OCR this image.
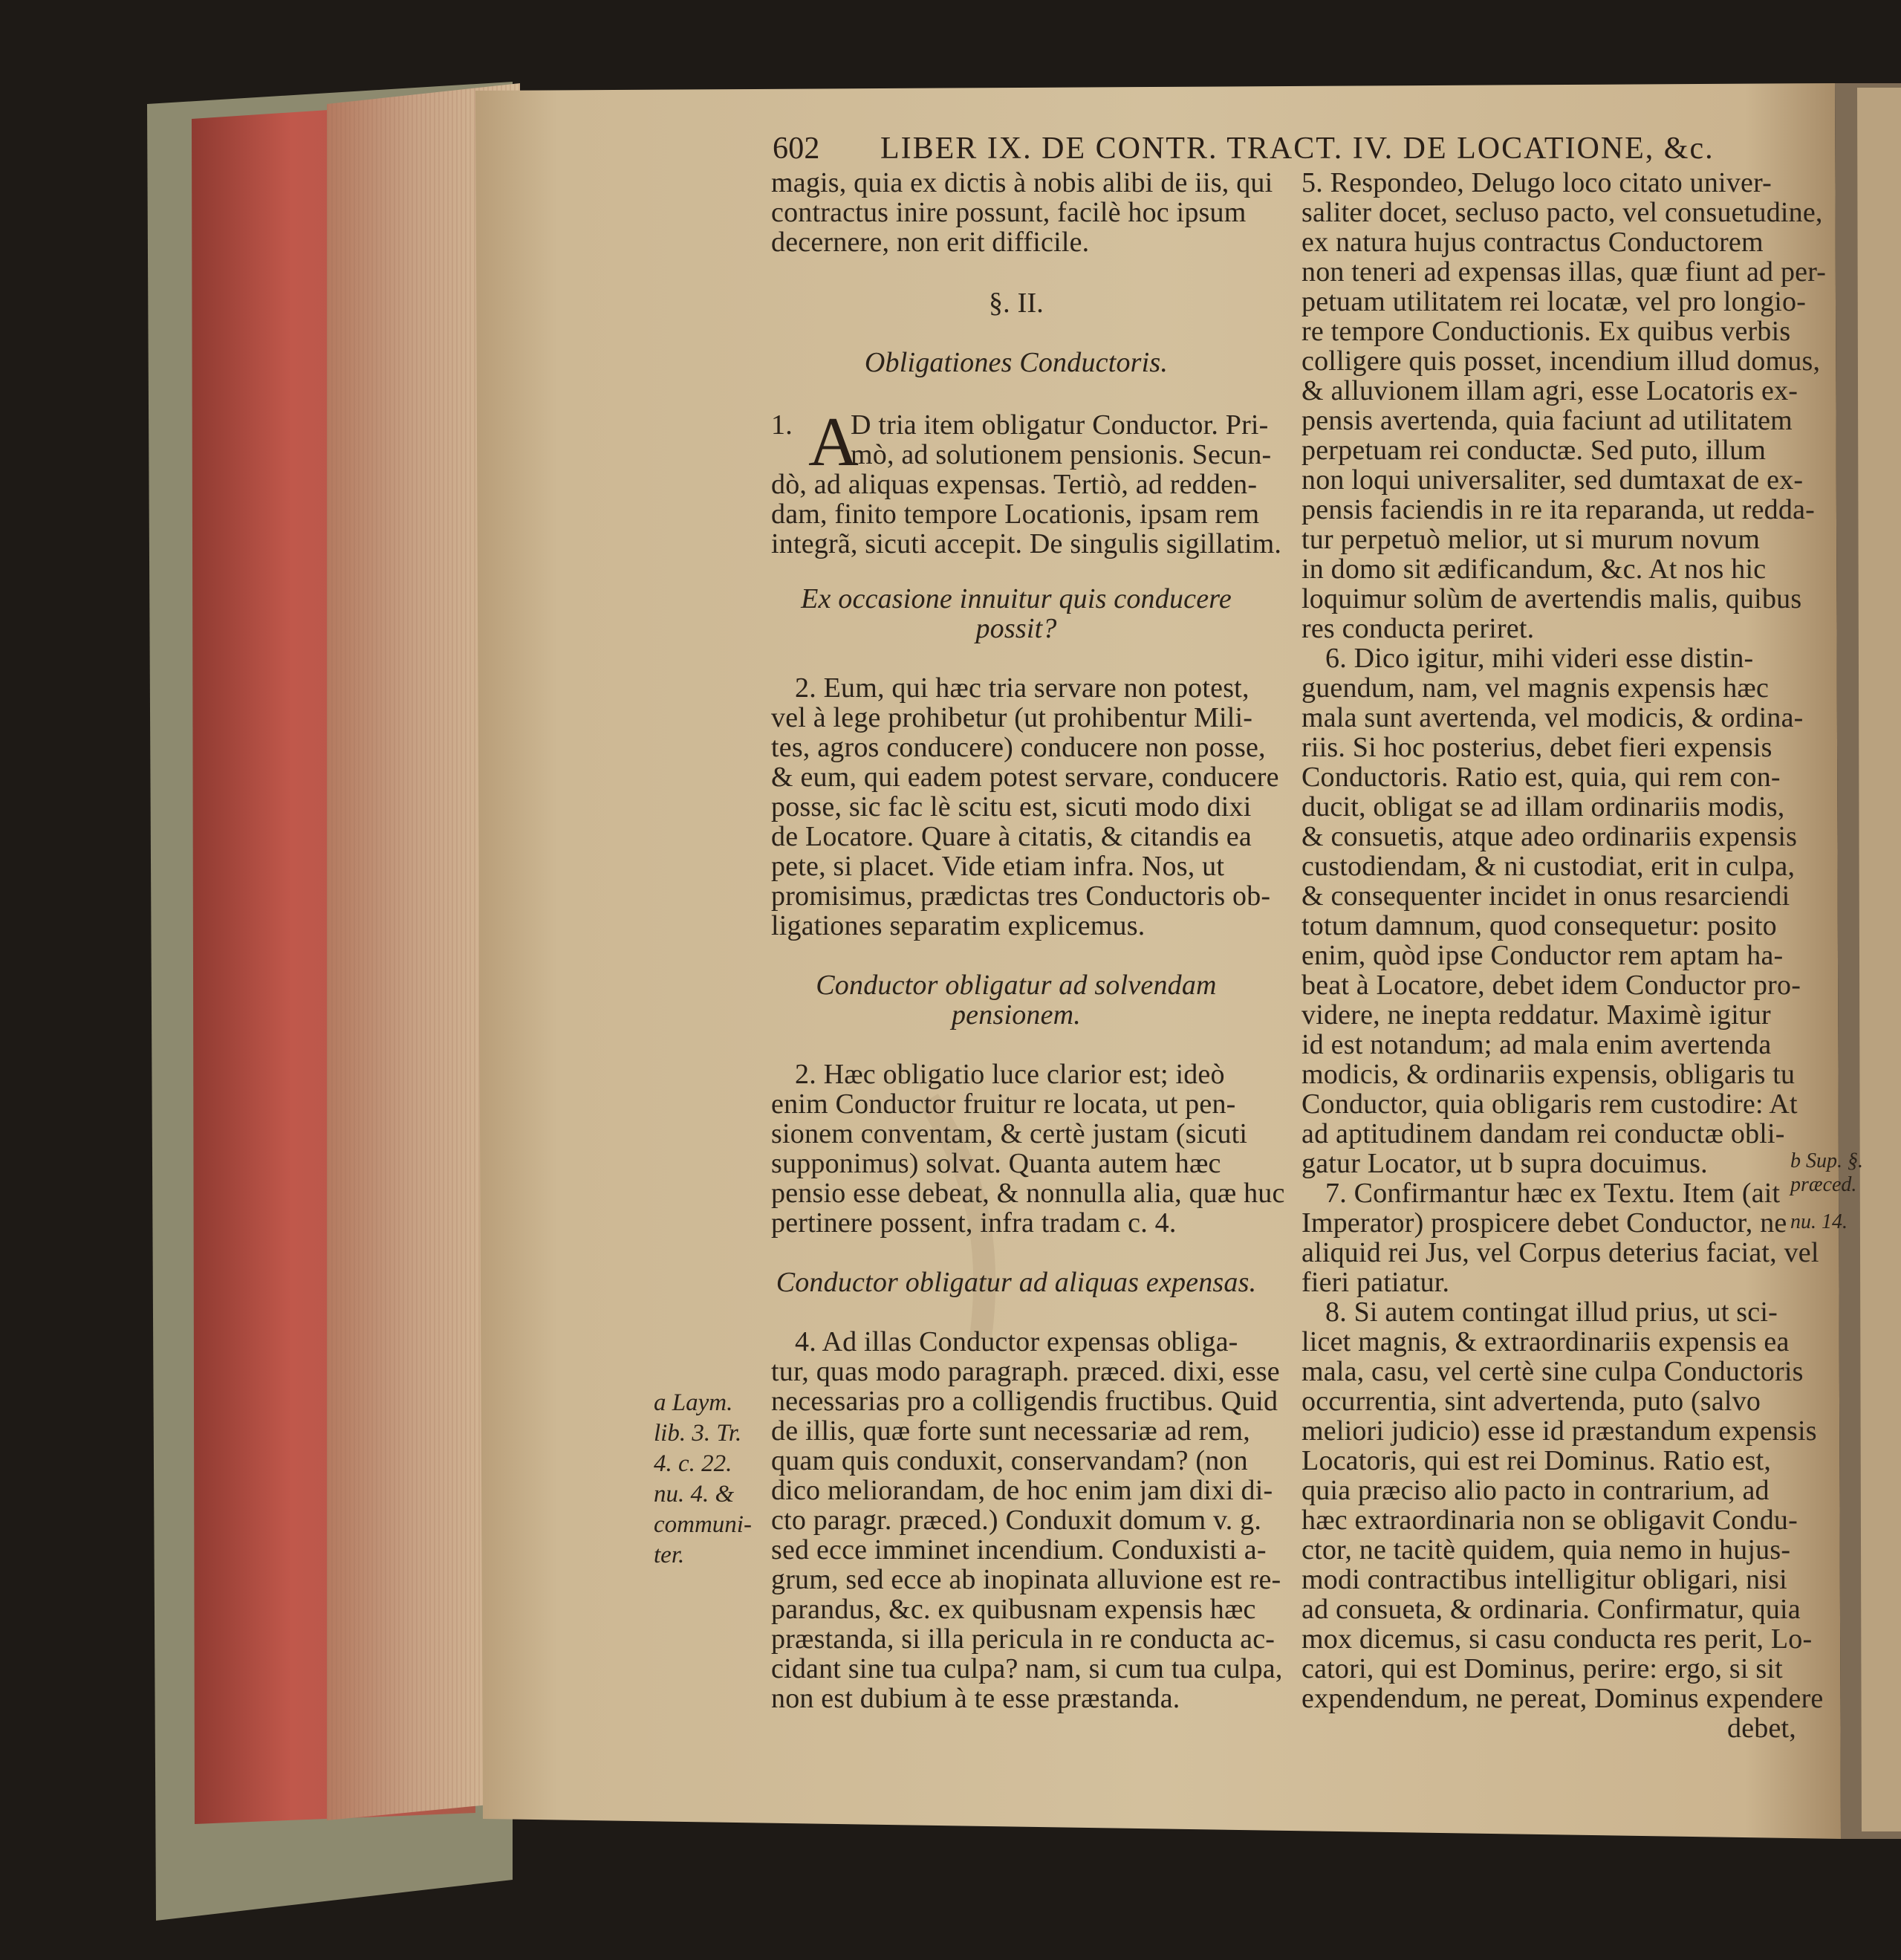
602 LIBER IX. DE CONTR. TRACT. IV. DE LOCATIONE, &c.
magis, quia ex dictis à nobis alibi de iis, qui
contractus inire possunt, facilè hoc ipsum
decernere, non erit difficile.
§. II.
Obligationes Conductoris.
1. A
D tria item obligatur Conductor. Pri-
mò, ad solutionem pensionis. Secun-
dò, ad aliquas expensas. Tertiò, ad redden-
dam, finito tempore Locationis, ipsam rem
integrã, sicuti accepit. De singulis sigillatim.
Ex occasione innuitur quis conducere
possit?
2. Eum, qui hæc tria servare non potest,
vel à lege prohibetur (ut prohibentur Mili-
tes, agros conducere) conducere non posse,
& eum, qui eadem potest servare, conducere
posse, sic fac lè scitu est, sicuti modo dixi
de Locatore. Quare à citatis, & citandis ea
pete, si placet. Vide etiam infra. Nos, ut
promisimus, prædictas tres Conductoris ob-
ligationes separatim explicemus.
Conductor obligatur ad solvendam
pensionem.
2. Hæc obligatio luce clarior est; ideò
enim Conductor fruitur re locata, ut pen-
sionem conventam, & certè justam (sicuti
supponimus) solvat. Quanta autem hæc
pensio esse debeat, & nonnulla alia, quæ huc
pertinere possent, infra tradam c. 4.
Conductor obligatur ad aliquas expensas.
4. Ad illas Conductor expensas obliga-
tur, quas modo paragraph. præced. dixi, esse
necessarias pro a colligendis fructibus. Quid
de illis, quæ forte sunt necessariæ ad rem,
quam quis conduxit, conservandam? (non
dico meliorandam, de hoc enim jam dixi di-
cto paragr. præced.) Conduxit domum v. g.
sed ecce imminet incendium. Conduxisti a-
grum, sed ecce ab inopinata alluvione est re-
parandus, &c. ex quibusnam expensis hæc
præstanda, si illa pericula in re conducta ac-
cidant sine tua culpa? nam, si cum tua culpa,
non est dubium à te esse præstanda.
a Laym.
lib. 3. Tr.
4. c. 22.
nu. 4. &
communi-
ter.
5. Respondeo, Delugo loco citato univer-
saliter docet, secluso pacto, vel consuetudine,
ex natura hujus contractus Conductorem
non teneri ad expensas illas, quæ fiunt ad per-
petuam utilitatem rei locatæ, vel pro longio-
re tempore Conductionis. Ex quibus verbis
colligere quis posset, incendium illud domus,
& alluvionem illam agri, esse Locatoris ex-
pensis avertenda, quia faciunt ad utilitatem
perpetuam rei conductæ. Sed puto, illum
non loqui universaliter, sed dumtaxat de ex-
pensis faciendis in re ita reparanda, ut redda-
tur perpetuò melior, ut si murum novum
in domo sit ædificandum, &c. At nos hic
loquimur solùm de avertendis malis, quibus
res conducta periret.
6. Dico igitur, mihi videri esse distin-
guendum, nam, vel magnis expensis hæc
mala sunt avertenda, vel modicis, & ordina-
riis. Si hoc posterius, debet fieri expensis
Conductoris. Ratio est, quia, qui rem con-
ducit, obligat se ad illam ordinariis modis,
& consuetis, atque adeo ordinariis expensis
custodiendam, & ni custodiat, erit in culpa,
& consequenter incidet in onus resarciendi
totum damnum, quod consequetur: posito
enim, quòd ipse Conductor rem aptam ha-
beat à Locatore, debet idem Conductor pro-
videre, ne inepta reddatur. Maximè igitur
id est notandum; ad mala enim avertenda
modicis, & ordinariis expensis, obligaris tu
Conductor, quia obligaris rem custodire: At
ad aptitudinem dandam rei conductæ obli-
gatur Locator, ut b supra docuimus.
7. Confirmantur hæc ex Textu. Item (ait
Imperator) prospicere debet Conductor, ne
aliquid rei Jus, vel Corpus deterius faciat, vel
fieri patiatur.
8. Si autem contingat illud prius, ut sci-
licet magnis, & extraordinariis expensis ea
mala, casu, vel certè sine culpa Conductoris
occurrentia, sint advertenda, puto (salvo
meliori judicio) esse id præstandum expensis
Locatoris, qui est rei Dominus. Ratio est,
quia præciso alio pacto in contrarium, ad
hæc extraordinaria non se obligavit Condu-
ctor, ne tacitè quidem, quia nemo in hujus-
modi contractibus intelligitur obligari, nisi
ad consueta, & ordinaria. Confirmatur, quia
mox dicemus, si casu conducta res perit, Lo-
catori, qui est Dominus, perire: ergo, si sit
expendendum, ne pereat, Dominus expendere
debet,
b Sup. §.
præced.
nu. 14.
